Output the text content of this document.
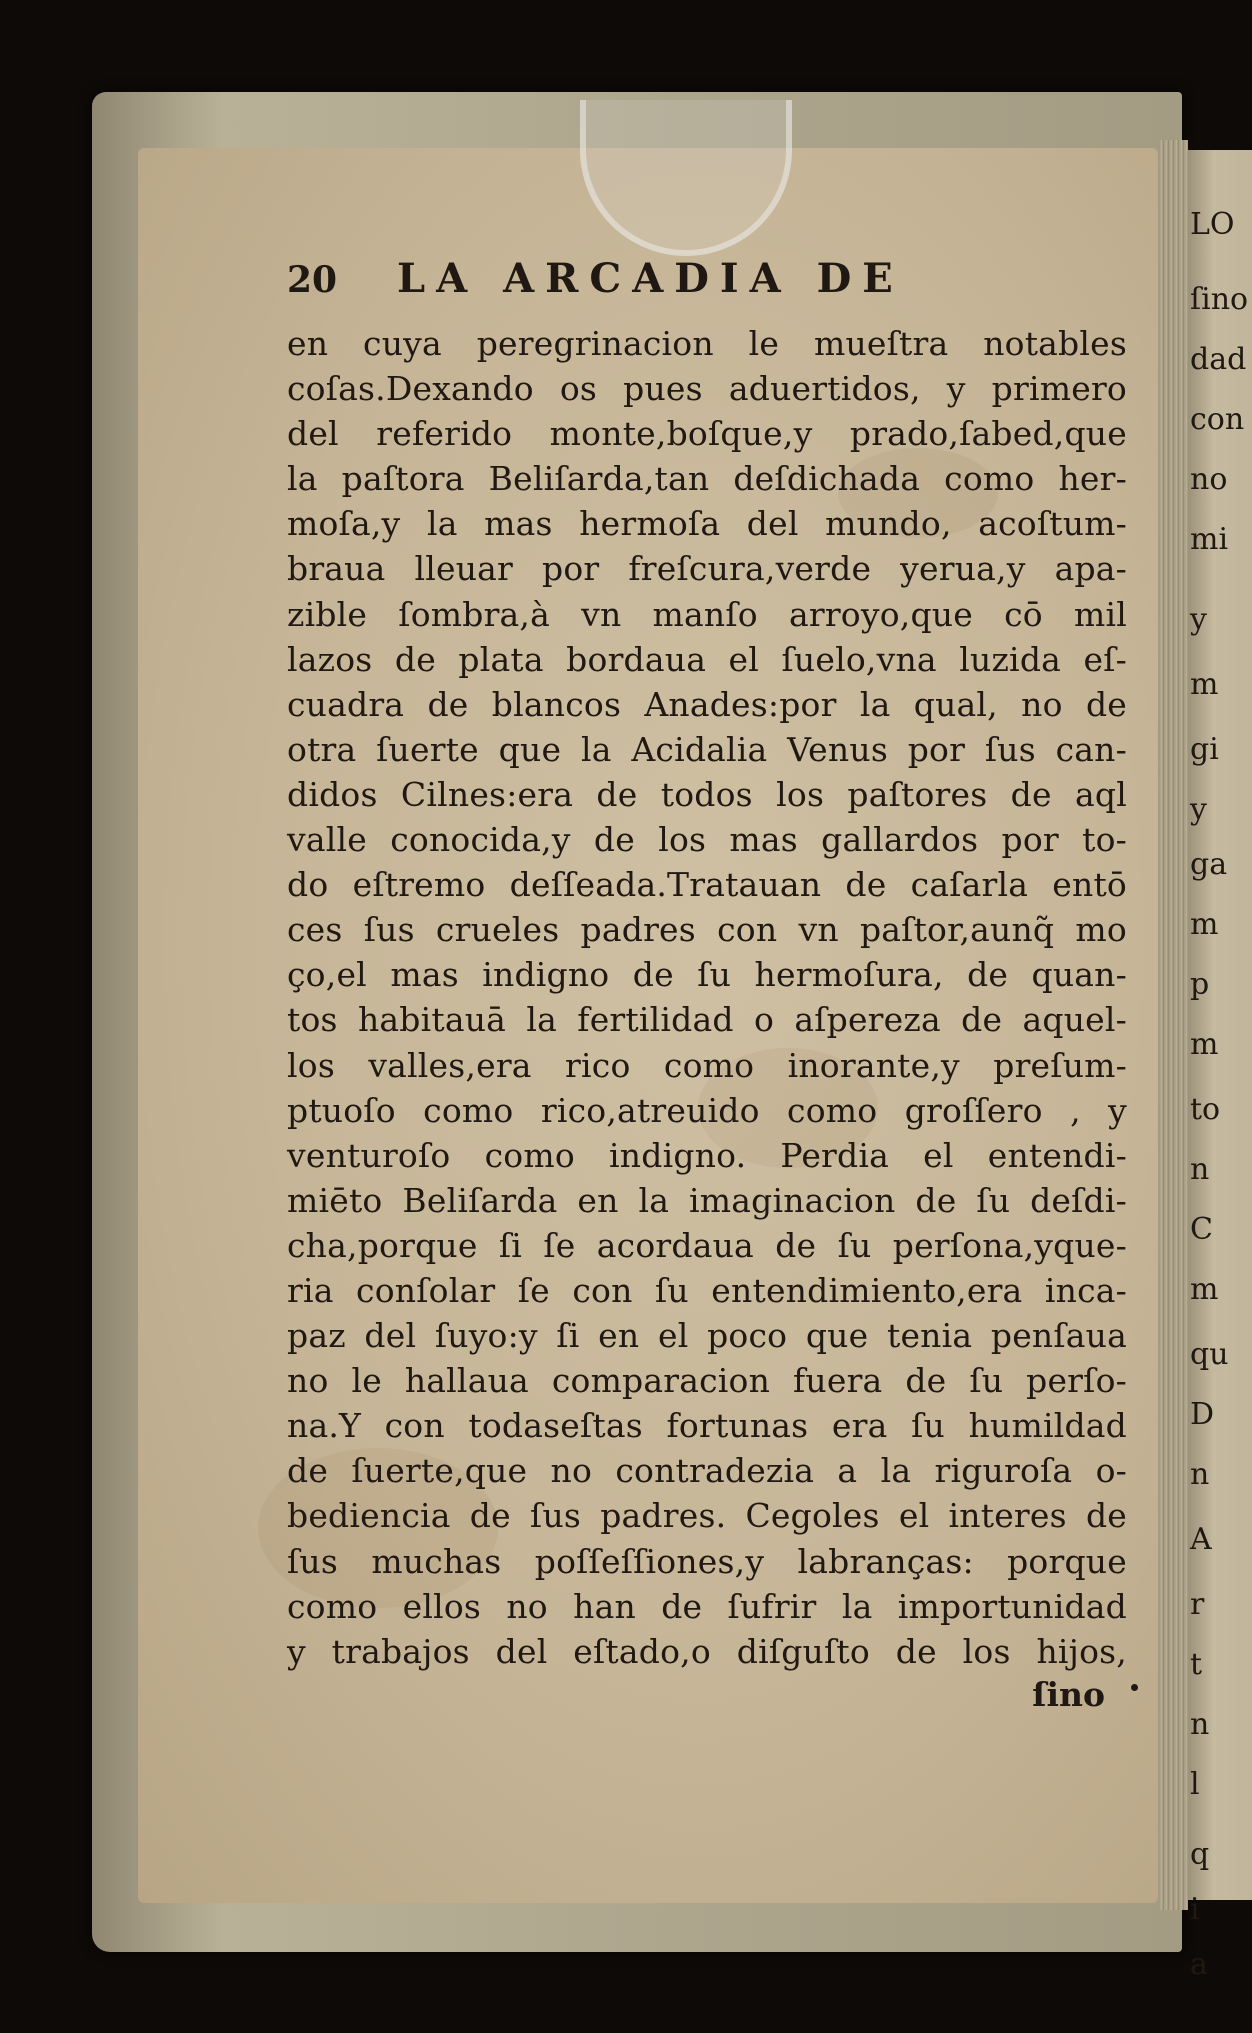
LO
ſino
dad
con
no
mi
y
m
gi
y
ga
m
p
m
to
n
C
m
qu
D
n
A
r
t
n
l
q
i
a
20	LA ARCADIA DE
en cuya peregrinacion le mueſtra notables
coſas.Dexando os pues aduertidos, y primero
del referido monte,boſque,y prado,ſabed,que
la paſtora Beliſarda,tan deſdichada como her-
moſa,y la mas hermoſa del mundo, acoſtum-
braua lleuar por freſcura,verde yerua,y apa-
zible ſombra,à vn manſo arroyo,que cō mil
lazos de plata bordaua el ſuelo,vna luzida eſ-
cuadra de blancos Anades:por la qual, no de
otra ſuerte que la Acidalia Venus por ſus can-
didos Cilnes:era de todos los paſtores de aql
valle conocida,y de los mas gallardos por to-
do eſtremo deſſeada.Tratauan de caſarla entō
ces ſus crueles padres con vn paſtor,aunq̃ mo
ço,el mas indigno de ſu hermoſura, de quan-
tos habitauā la fertilidad o aſpereza de aquel-
los valles,era rico como inorante,y preſum-
ptuoſo como rico,atreuido como groſſero , y
venturoſo como indigno. Perdia el entendi-
miēto Beliſarda en la imaginacion de ſu deſdi-
cha,porque ſi ſe acordaua de ſu perſona,yque-
ria conſolar ſe con ſu entendimiento,era inca-
paz del ſuyo:y ſi en el poco que tenia penſaua
no le hallaua comparacion fuera de ſu perſo-
na.Y con todaseſtas fortunas era ſu humildad
de ſuerte,que no contradezia a la riguroſa o-
bediencia de ſus padres. Cegoles el interes de
ſus muchas poſſeſſiones,y labranças: porque
como ellos no han de ſufrir la importunidad
y trabajos del eſtado,o diſguſto de los hijos,
ſino
